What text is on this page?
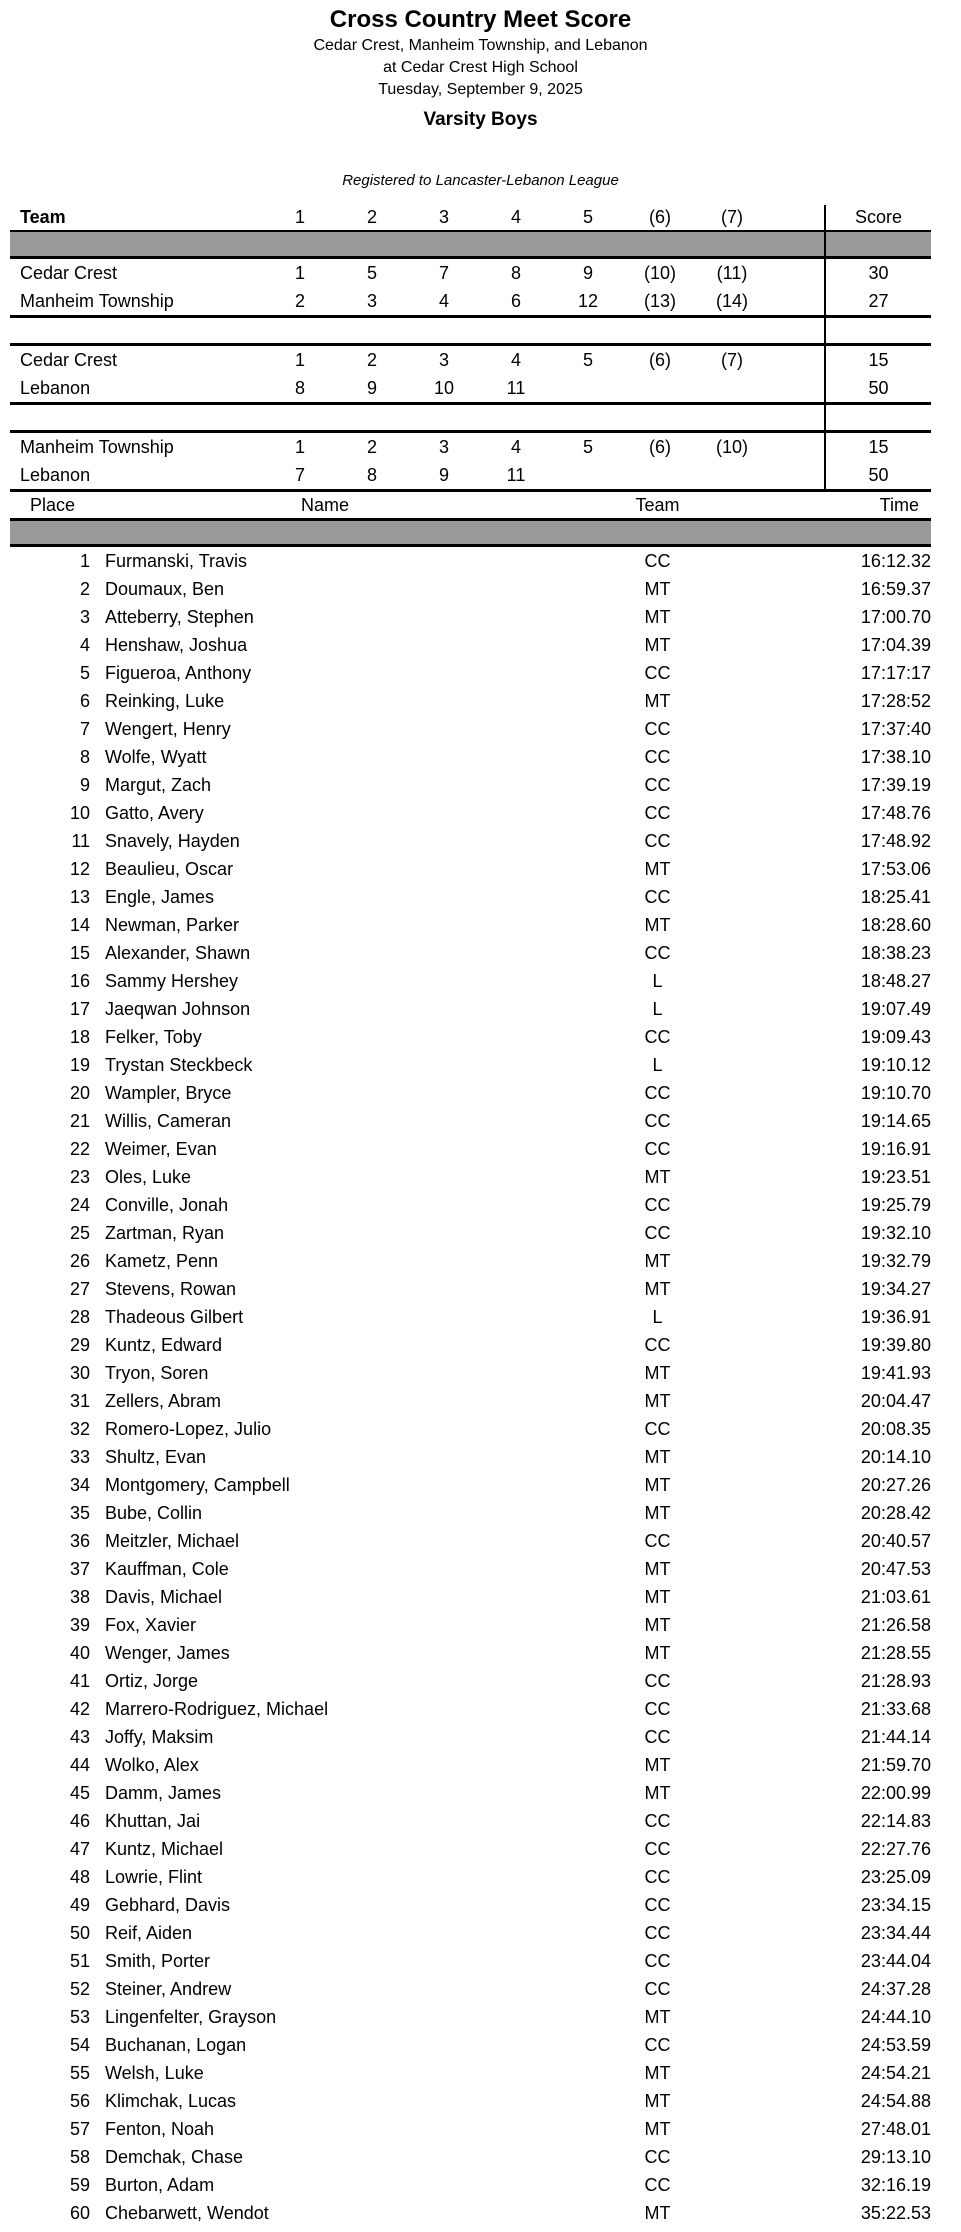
Cross Country Meet Score
Cedar Crest, Manheim Township, and Lebanon
at Cedar Crest High School
Tuesday, September 9, 2025
Varsity Boys
Registered to Lancaster-Lebanon League
Team	1	2	3	4	5	(6)	(7)		Score

Cedar Crest	1	5	7	8	9	(10)	(11)		30
Manheim Township	2	3	4	6	12	(13)	(14)		27

Cedar Crest	1	2	3	4	5	(6)	(7)		15
Lebanon	8	9	10	11					50

Manheim Township	1	2	3	4	5	(6)	(10)		15
Lebanon	7	8	9	11					50
Place	Name	Team	Time

1	Furmanski, Travis	CC	16:12.32
2	Doumaux, Ben	MT	16:59.37
3	Atteberry, Stephen	MT	17:00.70
4	Henshaw, Joshua	MT	17:04.39
5	Figueroa, Anthony	CC	17:17:17
6	Reinking, Luke	MT	17:28:52
7	Wengert, Henry	CC	17:37:40
8	Wolfe, Wyatt	CC	17:38.10
9	Margut, Zach	CC	17:39.19
10	Gatto, Avery	CC	17:48.76
11	Snavely, Hayden	CC	17:48.92
12	Beaulieu, Oscar	MT	17:53.06
13	Engle, James	CC	18:25.41
14	Newman, Parker	MT	18:28.60
15	Alexander, Shawn	CC	18:38.23
16	Sammy Hershey	L	18:48.27
17	Jaeqwan Johnson	L	19:07.49
18	Felker, Toby	CC	19:09.43
19	Trystan Steckbeck	L	19:10.12
20	Wampler, Bryce	CC	19:10.70
21	Willis, Cameran	CC	19:14.65
22	Weimer, Evan	CC	19:16.91
23	Oles, Luke	MT	19:23.51
24	Conville, Jonah	CC	19:25.79
25	Zartman, Ryan	CC	19:32.10
26	Kametz, Penn	MT	19:32.79
27	Stevens, Rowan	MT	19:34.27
28	Thadeous Gilbert	L	19:36.91
29	Kuntz, Edward	CC	19:39.80
30	Tryon, Soren	MT	19:41.93
31	Zellers, Abram	MT	20:04.47
32	Romero-Lopez, Julio	CC	20:08.35
33	Shultz, Evan	MT	20:14.10
34	Montgomery, Campbell	MT	20:27.26
35	Bube, Collin	MT	20:28.42
36	Meitzler, Michael	CC	20:40.57
37	Kauffman, Cole	MT	20:47.53
38	Davis, Michael	MT	21:03.61
39	Fox, Xavier	MT	21:26.58
40	Wenger, James	MT	21:28.55
41	Ortiz, Jorge	CC	21:28.93
42	Marrero-Rodriguez, Michael	CC	21:33.68
43	Joffy, Maksim	CC	21:44.14
44	Wolko, Alex	MT	21:59.70
45	Damm, James	MT	22:00.99
46	Khuttan, Jai	CC	22:14.83
47	Kuntz, Michael	CC	22:27.76
48	Lowrie, Flint	CC	23:25.09
49	Gebhard, Davis	CC	23:34.15
50	Reif, Aiden	CC	23:34.44
51	Smith, Porter	CC	23:44.04
52	Steiner, Andrew	CC	24:37.28
53	Lingenfelter, Grayson	MT	24:44.10
54	Buchanan, Logan	CC	24:53.59
55	Welsh, Luke	MT	24:54.21
56	Klimchak, Lucas	MT	24:54.88
57	Fenton, Noah	MT	27:48.01
58	Demchak, Chase	CC	29:13.10
59	Burton, Adam	CC	32:16.19
60	Chebarwett, Wendot	MT	35:22.53
